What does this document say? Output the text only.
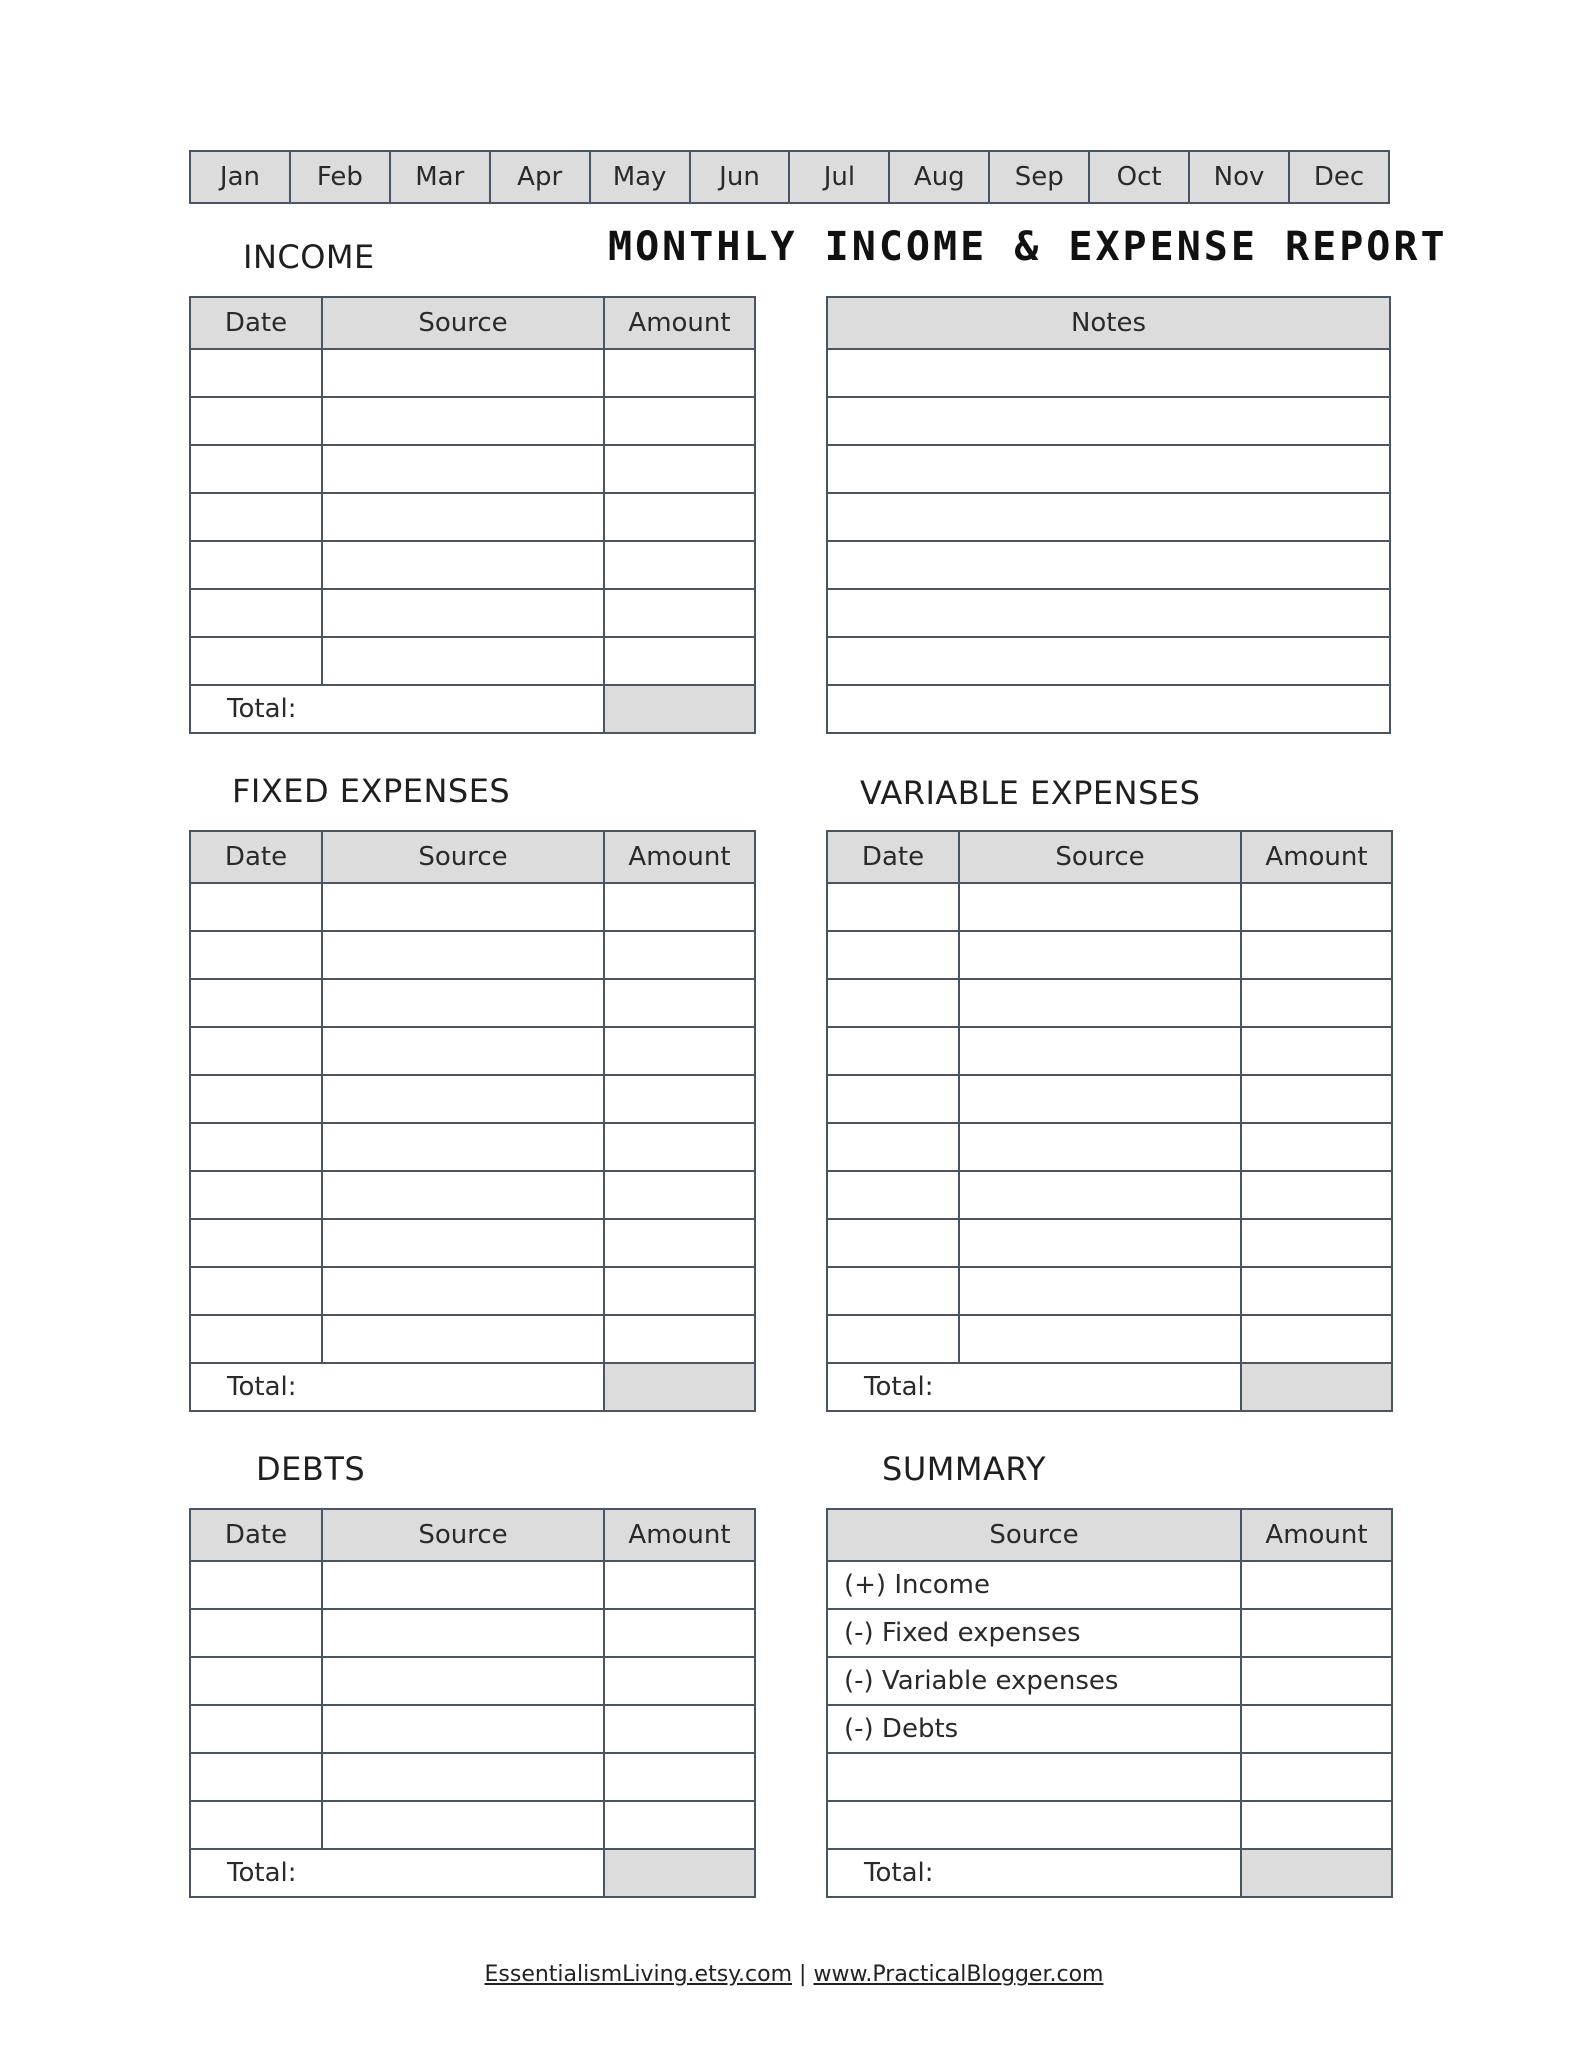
Jan	Feb	Mar	Apr	May	Jun	Jul	Aug	Sep	Oct	Nov	Dec
INCOME	MONTHLY INCOME & EXPENSE REPORT
Date	Source	Amount

Total:		
Notes

FIXED EXPENSES	VARIABLE EXPENSES
Date	Source	Amount

Total:		
Date	Source	Amount

Total:		
DEBTS	SUMMARY
Date	Source	Amount

Total:		
Source	Amount
(+) Income	
(-) Fixed expenses	
(-) Variable expenses	
(-) Debts	

Total:	
EssentialismLiving.etsy.com | www.PracticalBlogger.com
